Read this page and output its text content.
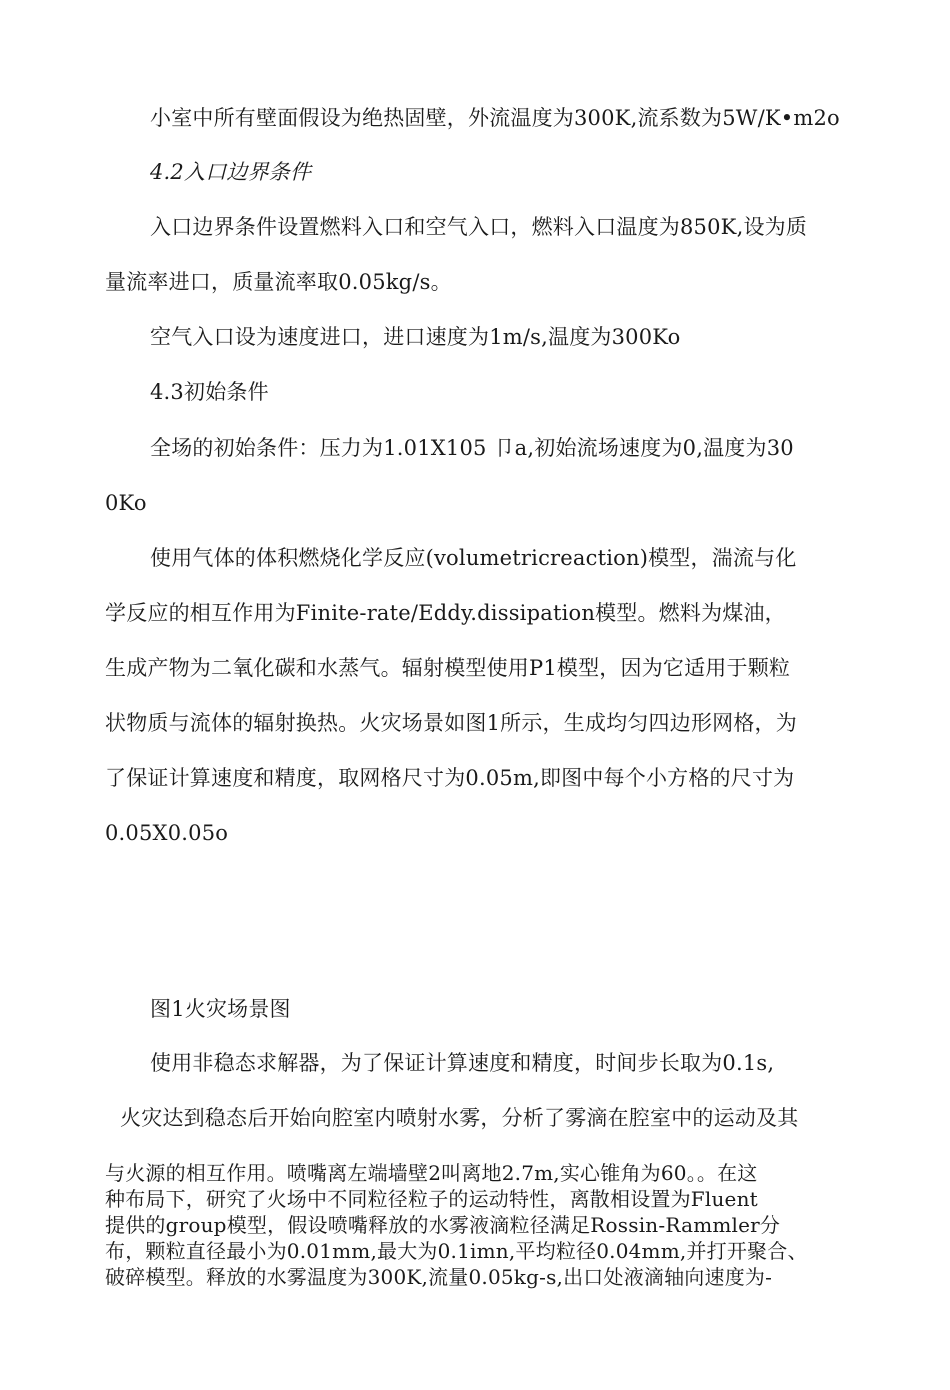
小室中所有壁面假设为绝热固壁，外流温度为300K,流系数为5W/K•m2o
4.2入口边界条件
入口边界条件设置燃料入口和空气入口，燃料入口温度为850K,设为质
量流率进口，质量流率取0.05kg/s。
空气入口设为速度进口，进口速度为1m/s,温度为300Ko
4.3初始条件
全场的初始条件：压力为1.01X105 卩a,初始流场速度为0,温度为30
0Ko
使用气体的体积燃烧化学反应(volumetricreaction)模型，湍流与化
学反应的相互作用为Finite-rate/Eddy.dissipation模型。燃料为煤油，
生成产物为二氧化碳和水蒸气。辐射模型使用P1模型，因为它适用于颗粒
状物质与流体的辐射换热。火灾场景如图1所示，生成均匀四边形网格，为
了保证计算速度和精度，取网格尺寸为0.05m,即图中每个小方格的尺寸为
0.05X0.05o
图1火灾场景图
使用非稳态求解器，为了保证计算速度和精度，时间步长取为0.1s,
火灾达到稳态后开始向腔室内喷射水雾，分析了雾滴在腔室中的运动及其
与火源的相互作用。喷嘴离左端墙壁2叫离地2.7m,实心锥角为60。。在这
种布局下，研究了火场中不同粒径粒子的运动特性，离散相设置为Fluent
提供的group模型，假设喷嘴释放的水雾液滴粒径满足Rossin-Rammler分
布，颗粒直径最小为0.01mm,最大为0.1imn,平均粒径0.04mm,并打开聚合、
破碎模型。释放的水雾温度为300K,流量0.05kg-s,出口处液滴轴向速度为-
